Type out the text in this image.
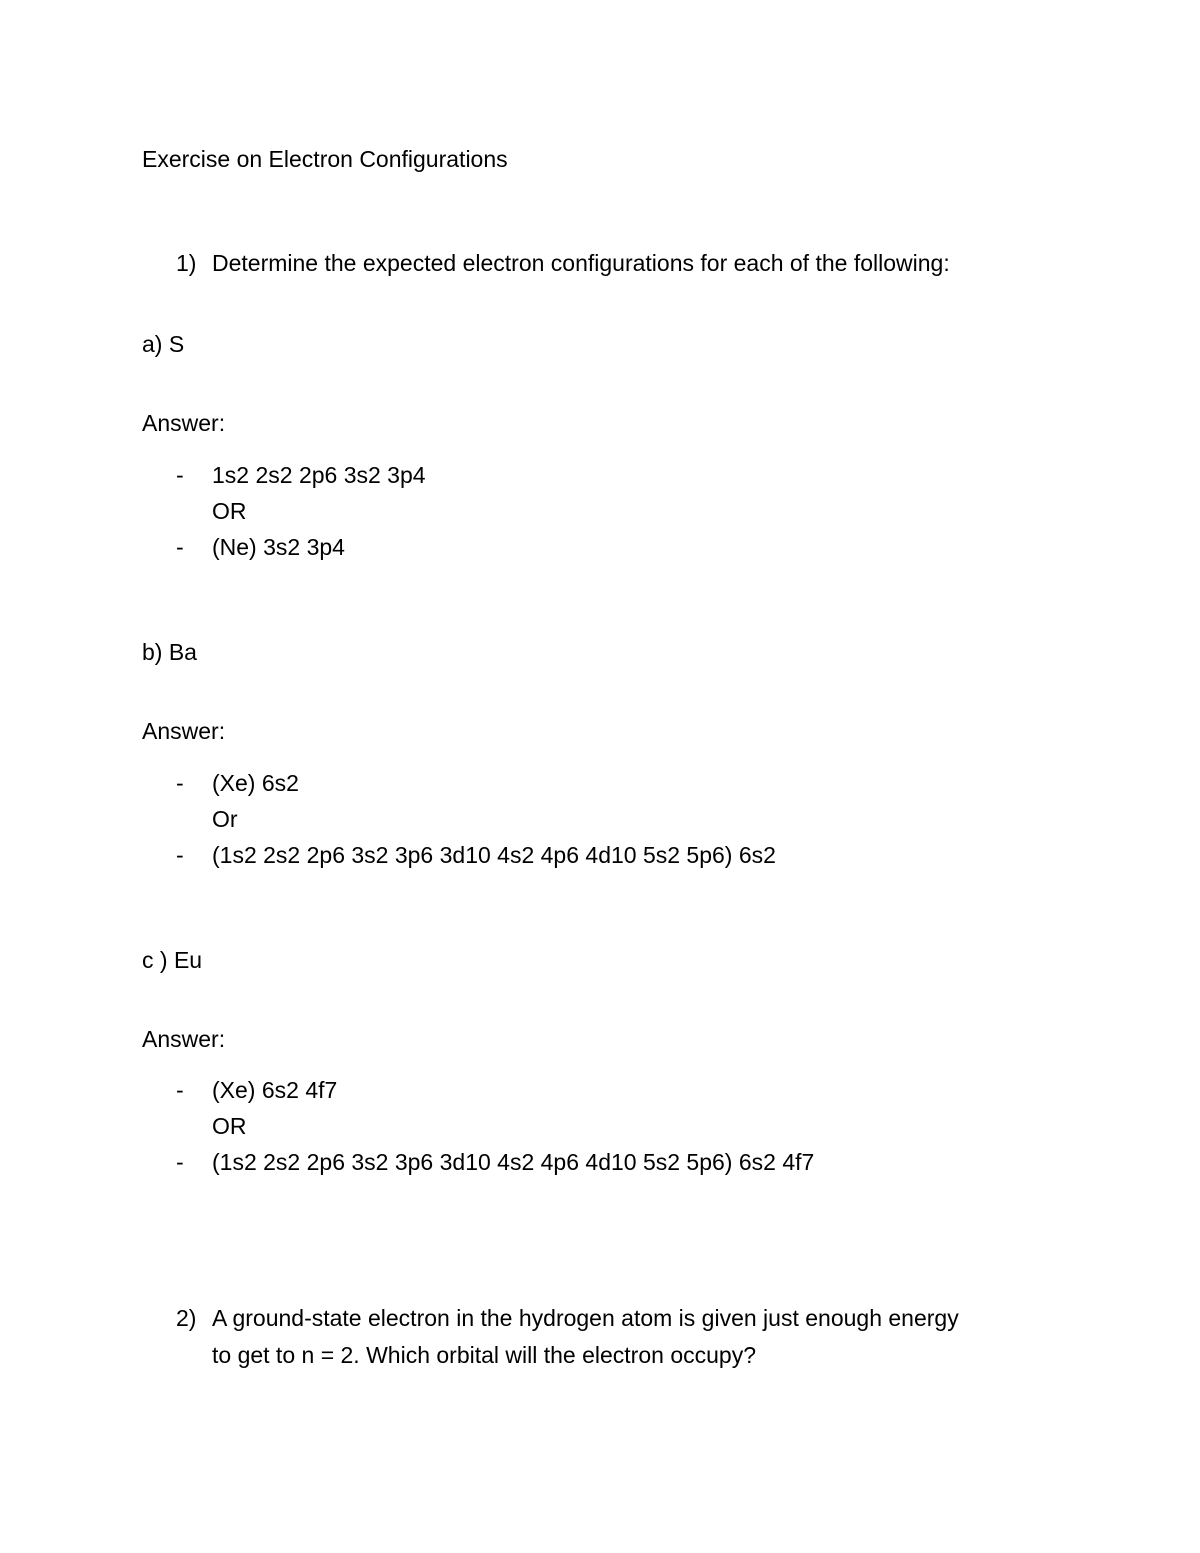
Exercise on Electron Configurations
1) Determine the expected electron configurations for each of the following:
a) S
Answer:
- 1s2 2s2 2p6 3s2 3p4
OR
- (Ne) 3s2 3p4
b) Ba
Answer:
- (Xe) 6s2
Or
- (1s2 2s2 2p6 3s2 3p6 3d10 4s2 4p6 4d10 5s2 5p6) 6s2
c ) Eu
Answer:
- (Xe) 6s2 4f7
OR
- (1s2 2s2 2p6 3s2 3p6 3d10 4s2 4p6 4d10 5s2 5p6) 6s2 4f7
2) A ground-state electron in the hydrogen atom is given just enough energy
to get to n = 2. Which orbital will the electron occupy?
